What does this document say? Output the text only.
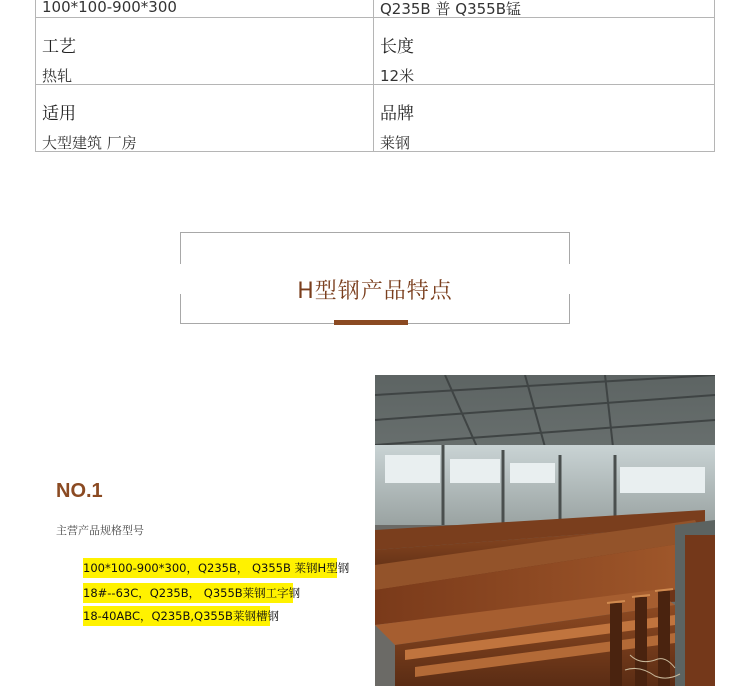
100*100-900*300	Q235B 普 Q355B锰
工艺
热轧
长度
12米
适用
大型建筑 厂房
品牌
莱钢
H型钢产品特点
NO.1
主营产品规格型号
100*100-900*300，Q235B， Q355B 莱钢H型钢
18#--63C，Q235B， Q355B莱钢工字钢
18-40ABC，Q235B,Q355B莱钢槽钢
